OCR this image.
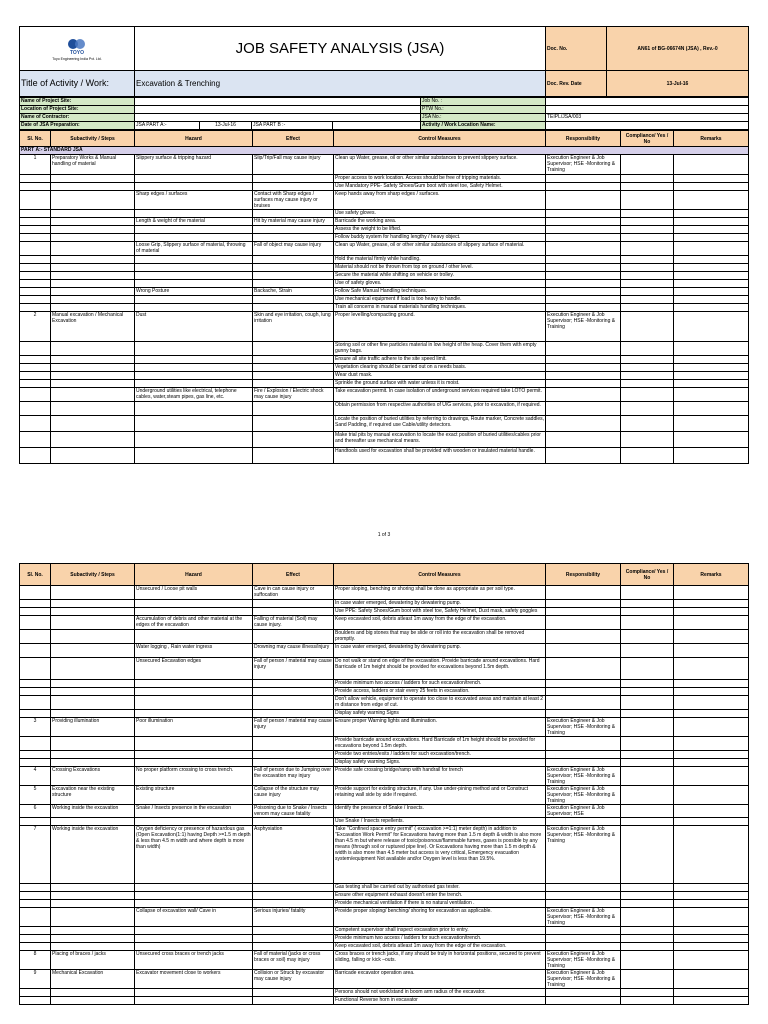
TOYO
Toyo Engineering India Pvt. Ltd.	JOB SAFETY ANALYSIS (JSA)	Doc. No.	AN61 of BG-06674N (JSA) , Rev.-0
Title of Activity / Work:	Excavation & Trenching	Doc. Rev. Date	13-Jul-16
Name of Project Site:					Job No. :	
Location of Project Site:					PTW No.:	
Name of Contractor:					JSA No.:	TEIPL/JSA/003
Date of JSA Preparation:	JSA PART A:-	13-Jul-16	JSA PART B :-		Activity / Work Location Name:	
Sl. No.	Subactivity / Steps	Hazard	Effect	Control Measures	Responsibility	Compliance/ Yes / No	Remarks
PART A:- STANDARD JSA							
1	Preparatory Works & Manual handling of material	Slippery surface & tripping hazard	Slip/Trip/Fall may cause injury	Clean up Water, grease, oil or other similar substances to prevent slippery surface.	Execution Engineer & Job Supervisor; HSE -Monitoring & Training		
				Proper access to work location. Access should be free of tripping materials.			
				Use Mandatory PPE- Safety Shoes/Gum boot with steel toe, Safety Helmet.			
		Sharp edges / surfaces	Contact with Sharp edges / surfaces may cause injury or bruises	Keep hands away from sharp edges / surfaces.			
				Use safety gloves.			
		Length & weight of the material	Hit by material may cause injury	Barricade the working area.			
				Assess the weight to be lifted.			
				Follow buddy system for handling lengthy / heavy object.			
		Loose Grip, Slippery surface of material, throwing of material	Fall of object may cause injury	Clean up Water, grease, oil or other similar substances of slippery surface of material.			
				Hold the material firmly while handling.			
				Material should not be thrown from top on ground / other level.			
				Secure the material while shifting on vehicle or trolley.			
				Use of safety gloves.			
		Wrong Posture	Backache, Strain	Follow Safe Manual Handling techniques.			
				Use mechanical equipment if load is too heavy to handle.			
				Train all concerns in manual materials handling techniques.			
2	Manual excavation / Mechanical Excavation	Dust	Skin and eye irritation, cough, lung irritation	Proper levelling/compacting ground.	Execution Engineer & Job Supervisor; HSE -Monitoring & Training		
				Storing soil or other fine particles material in low height of the heap. Cover them with empty gunny bags.			
				Ensure all site traffic adhere to the site speed limit.			
				Vegetation clearing should be carried out on a needs basis.			
				Wear dust mask.			
				Sprinkle the ground surface with water unless it is moist.			
		Underground utilities like electrical, telephone cables, water,steam pipes, gas line, etc.	Fire / Explosion / Electric shock may cause injury	Take excavation permit. In case isolation of underground services required take LOTO permit.			
				Obtain permission from respective authorities of U/G services, prior to excavation, if required.			
				Locate the position of buried utilities by referring to drawings, Route marker, Concrete saddles, Sand Padding, if required use Cable/utility detectors.			
				Make trial pits by manual excavation to locate the exact position of buried utilities/cables prior and thereafter use mechanical means.			
				Handtools used for excavation shall be provided with wooden or insulated material handle.			
1 of 3
Sl. No.	Subactivity / Steps	Hazard	Effect	Control Measures	Responsibility	Compliance/ Yes / No	Remarks
		Unsecured / Loose pit walls	Cave in can cause injury or suffocation	Proper sloping, benching or shoring shall be done as appropriate as per soil type.			
				In case water emerged, dewatering by dewatering pump.			
				Use PPE: Safety Shoes/Gum boot with steel toe, Safety Helmet, Dust mask, safety goggles			
		Accumulation of debris and other material at the edges of the excavation	Falling of material (Soil) may cause injury.	Keep excavated soil, debris atleast 1m away from the edge of the excavation.			
				Boulders and big stones that may be slide or roll into the excavation shall be removed promptly.			
		Water logging , Rain water ingress	Drowning may cause illness/injury	In case water emerged, dewatering by dewatering pump.			
		Unsecured Excavation edges	Fall of person / material may cause injury	Do not walk or stand on edge of the excavation. Provide barricade around excavations. Hard Barricade of 1m height should be provided for excavations beyond 1.5m depth.			
				Provide minimum two access / ladders for such excavation/trench.			
				Provide access, ladders or stair every 25 feets in excavation.			
				Don't allow vehicle, equipment to operate too close to excavated areas and maintain at least 2 m distance from edge of cut.			
				Display safety warning Signs			
3	Providing illumination	Poor illumination	Fall of person / material may cause injury	Ensure proper Warning lights and illumination.	Execution Engineer & Job Supervisor; HSE -Monitoring & Training		
				Provide barricade around excavations. Hard Barricade of 1m height should be provided for excavations beyond 1.5m depth.			
				Provide two entries/exits / ladders for such excavation/trench.			
				Display safety warning Signs.			
4	Crossing Excavations	No proper platform crossing to cross trench.	Fall of person due to Jumping over the excavation may injury	Provide safe crossing bridge/ramp with handrail for trench	Execution Engineer & Job Supervisor; HSE -Monitoring & Training		
5	Excavation near the existing structure	Existing structure	Collapse of the structure may cause injury	Provide support for existing structure, if any. Use under-pining method and or Construct retaining wall side by side if required.	Execution Engineer & Job Supervisor; HSE -Monitoring & Training		
6	Working inside the excavation	Snake / Insects presence in the excavation	Poisoning due to Snake / Insects venom may cause fatality	Identify the presence of Snake / Insects.	Execution Engineer & Job Supervisor; HSE		
				Use Snake / Insects repellents.			
7	Working inside the excavation	Oxygen deficiency or presence of hazardous gas (Open Excavation(1:1) having Depth >=1.5 m depth & less than 4.5 m width and where depth is more than width)	Asphyxiation	Take "Confined space entry permit" ( excavation >=1:1) meter depth) in addition to "Excavation Work Permit" for Excavations having more than 1.5 m depth & width is also more than 4.5 m but where release of toxic/poisonous/flammable fumes, gases is possible by any means (through soil or ruptured pipe line). Or Excavations having more than 1.5 m depth & width is also more than 4.5 meter but access is very critical, Emergency evacuation system/equipment Not available and/or Oxygen level is less than 19.5%.	Execution Engineer & Job Supervisor; HSE -Monitoring & Training		
				Gas testing shall be carried out by authorised gas tester.			
				Ensure other equipment exhaust doesn't enter the trench.			
				Provide mechanical ventilation if there is no natural ventilation .			
		Collapse of excavation wall/ Cave in	Serious injuries/ fatality	Provide proper sloping/ benching/ shoring for excavation as applicable.	Execution Engineer & Job Supervisor; HSE -Monitoring & Training		
				Competent supervisor shall inspect excavation prior to entry.			
				Provide minimum two access / ladders for such excavation/trench.			
				Keep excavated soil, debris atleast 1m away from the edge of the excavation.			
8	Placing of braces / jacks	Unsecured cross braces or trench jacks	Fall of material (jacks or cross braces or soil) may injury	Cross braces or trench jacks, if any should be truly in horizontal positions, secured to prevent sliding, falling or kick –outs.	Execution Engineer & Job Supervisor; HSE -Monitoring & Training		
9	Mechanical Excavation	Excavator movement close to workers	Collision or Struck by excavator may cause injury	Barricade excavator operation area.	Execution Engineer & Job Supervisor; HSE -Monitoring & Training		
				Persons should not work/stand in boom arm radius of the excavator.			
				Functional Reverse horn in excavator			
